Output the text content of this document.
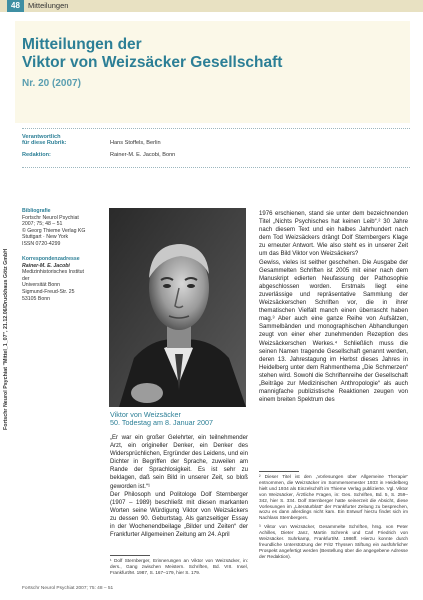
48	Mitteilungen
Mitteilungen der
Viktor von Weizsäcker Gesellschaft
Nr. 20 (2007)
Verantwortlich
für diese Rubrik:	Hans Stoffels, Berlin
Redaktion:	Rainer-M. E. Jacobi, Bonn
Fortschr Neurol Psychiat "Mittel_1_07", 21.12.06/Druckhaus Götz GmbH
Bibliografie
Fortschr Neurol Psychiat
2007; 75; 48 – 51
© Georg Thieme Verlag KG
Stuttgart · New York
ISSN 0720-4299
Korrespondenzadresse
Rainer-M. E. Jacobi
Medizinhistorisches Institut der
Universität Bonn
Sigmund-Freud-Str. 25
53105 Bonn
Viktor von Weizsäcker
50. Todestag am 8. Januar 2007

„Er war ein großer Gelehrter, ein teilnehmender Arzt, ein origineller Denker, ein Denker des Widersprüchlichen, Ergründer des Leidens, und ein Dichter in Begriffen der Sprache, zuweilen am Rande der Sprachlosigkeit. Es ist sehr zu beklagen, daß sein Bild in unserer Zeit, so bloß geworden ist.“¹

Der Philosoph und Politologe Dolf Sternberger (1907 – 1989) beschließt mit diesen markanten Worten seine Würdigung Viktor von Weizsäckers zu dessen 90. Geburtstag. Als ganzseitiger Essay in der Wochenendbeilage „Bilder und Zeiten“ der Frankfurter Allgemeinen Zeitung am 24. April

¹ Dolf Sternberger, Erinnerungen an Viktor von Weizsäcker, in: ders., Gang zwischen Meistern. Schriften, Bd. VIII. Insel, Frankfurt/M. 1987, S. 167–179, hier S. 179.

1976 erschienen, stand sie unter dem bezeichnenden Titel „Nichts Psychisches hat keinen Leib“.² 30 Jahre nach diesem Text und ein halbes Jahrhundert nach dem Tod Weizsäckers drängt Dolf Sternbergers Klage zu erneuter Antwort. Wie also steht es in unserer Zeit um das Bild Viktor von Weizsäckers?

Gewiss, vieles ist seither geschehen. Die Ausgabe der Gesammelten Schriften ist 2005 mit einer nach dem Manuskript edierten Neufassung der Pathosophie abgeschlossen worden. Erstmals liegt eine zuverlässige und repräsentative Sammlung der Weizsäckerschen Schriften vor, die in ihrer thematischen Vielfalt manch einen überrascht haben mag.³ Aber auch eine ganze Reihe von Aufsätzen, Sammelbänden und monographischen Abhandlungen zeugt von einer eher zunehmenden Rezeption des Weizsäckerschen Werkes.⁴ Schließlich muss die seinen Namen tragende Gesellschaft genannt werden, deren 13. Jahrestagung im Herbst dieses Jahres in Heidelberg unter dem Rahmenthema „Die Schmerzen“ stehen wird. Sowohl die Schriftenreihe der Gesellschaft „Beiträge zur Medizinischen Anthropologie“ als auch mannigfache publizistische Reaktionen zeugen von einem breiten Spektrum des

² Dieser Titel ist den „Vorlesungen über Allgemeine Therapie“ entnommen, die Weizsäcker im Sommersemester 1933 in Heidelberg hielt und 1934 als Einzelschrift im Thieme Verlag publizierte. Vgl. Viktor von Weizsäcker, Ärztliche Fragen, in: Ges. Schriften, Bd. 5, S. 259–342, hier S. 334. Dolf Sternberger hatte seinerzeit die Absicht, diese Vorlesungen im „Literaturblatt“ der Frankfurter Zeitung zu besprechen, wozu es dann allerdings nicht kam. Ein Entwurf hierzu findet sich im Nachlass Sternbergers.

³ Viktor von Weizsäcker, Gesammelte Schriften, hrsg. von Peter Achilles, Dieter Janz, Martin Schrenk und Carl Friedrich von Weizsäcker. Suhrkamp, Frankfurt/M. 1986ff. Hierzu konnte durch freundliche Unterstützung der Fritz Thyssen Stiftung ein ausführlicher Prospekt angefertigt werden (Bestellung über die angegebene Adresse der Redaktion).

Fortschr Neurol Psychiat 2007; 75: 48 – 51
